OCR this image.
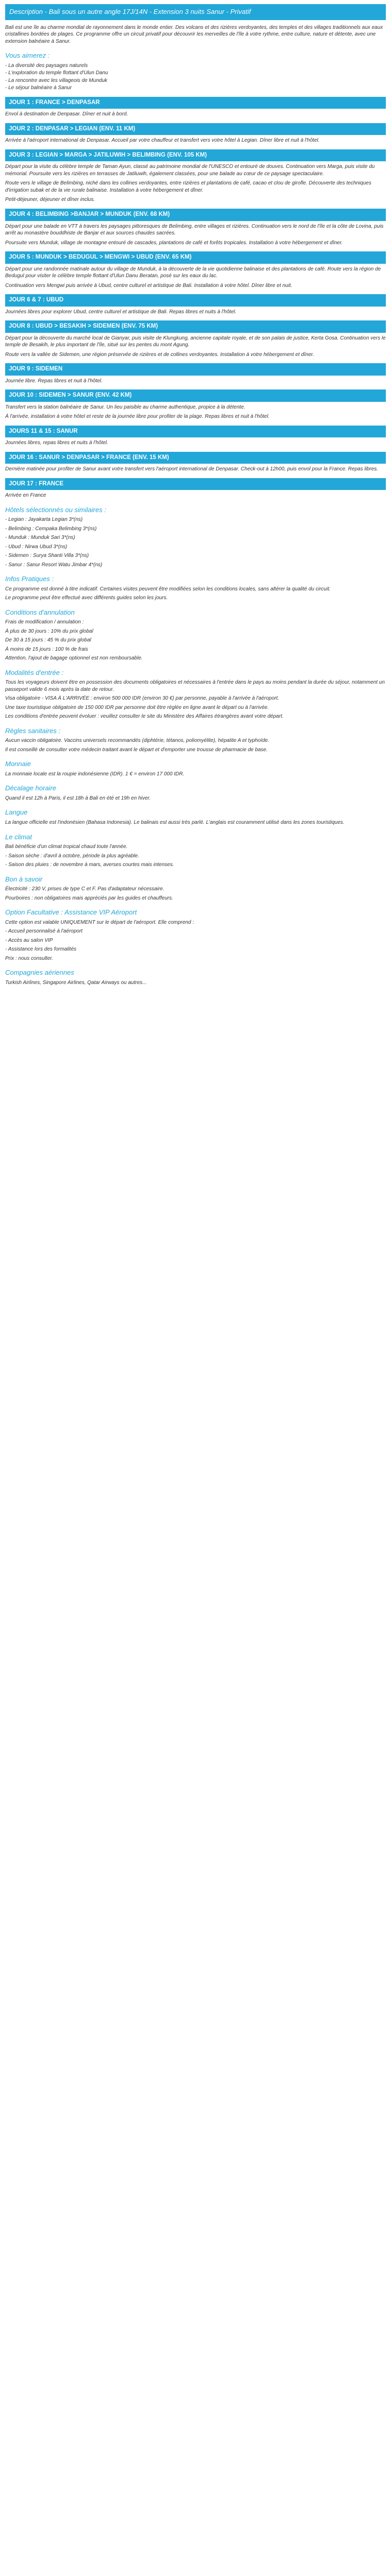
Description - Bali sous un autre angle 17J/14N - Extension 3 nuits Sanur - Privatif

Bali est une île au charme mondial de rayonnement dans le monde entier. Des volcans et des rizières verdoyantes, des temples et des villages traditionnels aux eaux cristallines bordées de plages. Ce programme offre un circuit privatif pour découvrir les merveilles de l'île à votre rythme, entre culture, nature et détente, avec une extension balnéaire à Sanur.

Vous aimerez :
- La diversité des paysages naturels
- L'exploration du temple flottant d'Ulun Danu
- La rencontre avec les villageois de Munduk
- Le séjour balnéaire à Sanur
JOUR 1 : FRANCE > DENPASAR

Envol à destination de Denpasar. Dîner et nuit à bord.

JOUR 2 : DENPASAR > LEGIAN (ENV. 11 KM)

Arrivée à l'aéroport international de Denpasar. Accueil par votre chauffeur et transfert vers votre hôtel à Legian. Dîner libre et nuit à l'hôtel.

JOUR 3 : LEGIAN > MARGA > JATILUWIH > BELIMBING (ENV. 105 KM)

Départ pour la visite du célèbre temple de Taman Ayun, classé au patrimoine mondial de l'UNESCO et entouré de douves. Continuation vers Marga, puis visite du mémorial. Poursuite vers les rizières en terrasses de Jatiluwih, également classées, pour une balade au cœur de ce paysage spectaculaire.

Route vers le village de Belimbing, niché dans les collines verdoyantes, entre rizières et plantations de café, cacao et clou de girofle. Découverte des techniques d'irrigation subak et de la vie rurale balinaise. Installation à votre hébergement et dîner.

Petit-déjeuner, déjeuner et dîner inclus.

JOUR 4 : BELIMBING >BANJAR > MUNDUK (ENV. 68 KM)

Départ pour une balade en VTT à travers les paysages pittoresques de Belimbing, entre villages et rizières. Continuation vers le nord de l'île et la côte de Lovina, puis arrêt au monastère bouddhiste de Banjar et aux sources chaudes sacrées.

Poursuite vers Munduk, village de montagne entouré de cascades, plantations de café et forêts tropicales. Installation à votre hébergement et dîner.

JOUR 5 : MUNDUK > BEDUGUL > MENGWI > UBUD (ENV. 65 KM)

Départ pour une randonnée matinale autour du village de Munduk, à la découverte de la vie quotidienne balinaise et des plantations de café. Route vers la région de Bedugul pour visiter le célèbre temple flottant d'Ulun Danu Beratan, posé sur les eaux du lac.

Continuation vers Mengwi puis arrivée à Ubud, centre culturel et artistique de Bali. Installation à votre hôtel. Dîner libre et nuit.

JOUR 6 & 7 : UBUD

Journées libres pour explorer Ubud, centre culturel et artistique de Bali. Repas libres et nuits à l'hôtel.

JOUR 8 : UBUD > BESAKIH > SIDEMEN (ENV. 75 KM)

Départ pour la découverte du marché local de Gianyar, puis visite de Klungkung, ancienne capitale royale, et de son palais de justice, Kerta Gosa. Continuation vers le temple de Besakih, le plus important de l'île, situé sur les pentes du mont Agung.

Route vers la vallée de Sidemen, une région préservée de rizières et de collines verdoyantes. Installation à votre hébergement et dîner.

JOUR 9 : SIDEMEN

Journée libre. Repas libres et nuit à l'hôtel.

JOUR 10 : SIDEMEN > SANUR (ENV. 42 KM)

Transfert vers la station balnéaire de Sanur. Un lieu paisible au charme authentique, propice à la détente.

À l'arrivée, installation à votre hôtel et reste de la journée libre pour profiter de la plage. Repas libres et nuit à l'hôtel.

JOURS 11 & 15 : SANUR

Journées libres, repas libres et nuits à l'hôtel.

JOUR 16 : SANUR > DENPASAR > FRANCE (ENV. 15 KM)

Dernière matinée pour profiter de Sanur avant votre transfert vers l'aéroport international de Denpasar. Check-out à 12h00, puis envol pour la France. Repas libres.

JOUR 17 : FRANCE

Arrivée en France

Hôtels sélectionnés ou similaires :

- Legian : Jayakarta Legian 3*(ns)

- Belimbing : Cempaka Belimbing 3*(ns)

- Munduk : Munduk Sari 3*(ns)

- Ubud : Nirwa Ubud 3*(ns)

- Sidemen : Surya Shanti Villa 3*(ns)

- Sanur : Sanur Resort Watu Jimbar 4*(ns)

Infos Pratiques :

Ce programme est donné à titre indicatif. Certaines visites peuvent être modifiées selon les conditions locales, sans altérer la qualité du circuit.

Le programme peut être effectué avec différents guides selon les jours.

Conditions d'annulation

Frais de modification / annulation :

À plus de 30 jours : 10% du prix global

De 30 à 15 jours : 45 % du prix global

À moins de 15 jours : 100 % de frais

Attention, l'ajout de bagage optionnel est non remboursable.

Modalités d'entrée :

Tous les voyageurs doivent être en possession des documents obligatoires et nécessaires à l'entrée dans le pays au moins pendant la durée du séjour, notamment un passeport valide 6 mois après la date de retour.

Visa obligatoire - VISA À L'ARRIVÉE : environ 500 000 IDR (environ 30 €) par personne, payable à l'arrivée à l'aéroport.

Une taxe touristique obligatoire de 150 000 IDR par personne doit être réglée en ligne avant le départ ou à l'arrivée.

Les conditions d'entrée peuvent évoluer : veuillez consulter le site du Ministère des Affaires étrangères avant votre départ.

Règles sanitaires :

Aucun vaccin obligatoire. Vaccins universels recommandés (diphtérie, tétanos, poliomyélite), hépatite A et typhoïde.

Il est conseillé de consulter votre médecin traitant avant le départ et d'emporter une trousse de pharmacie de base.

Monnaie

La monnaie locale est la roupie indonésienne (IDR). 1 € = environ 17 000 IDR.

Décalage horaire

Quand il est 12h à Paris, il est 18h à Bali en été et 19h en hiver.

Langue

La langue officielle est l'indonésien (Bahasa Indonesia). Le balinais est aussi très parlé. L'anglais est couramment utilisé dans les zones touristiques.

Le climat

Bali bénéficie d'un climat tropical chaud toute l'année.

- Saison sèche : d'avril à octobre, période la plus agréable.

- Saison des pluies : de novembre à mars, averses courtes mais intenses.

Bon à savoir

Électricité : 230 V, prises de type C et F. Pas d'adaptateur nécessaire.

Pourboires : non obligatoires mais appréciés par les guides et chauffeurs.

Option Facultative : Assistance VIP Aéroport

Cette option est valable UNIQUEMENT sur le départ de l'aéroport. Elle comprend :

- Accueil personnalisé à l'aéroport

- Accès au salon VIP

- Assistance lors des formalités

Prix : nous consulter.

Compagnies aériennes

Turkish Airlines, Singapore Airlines, Qatar Airways ou autres...
